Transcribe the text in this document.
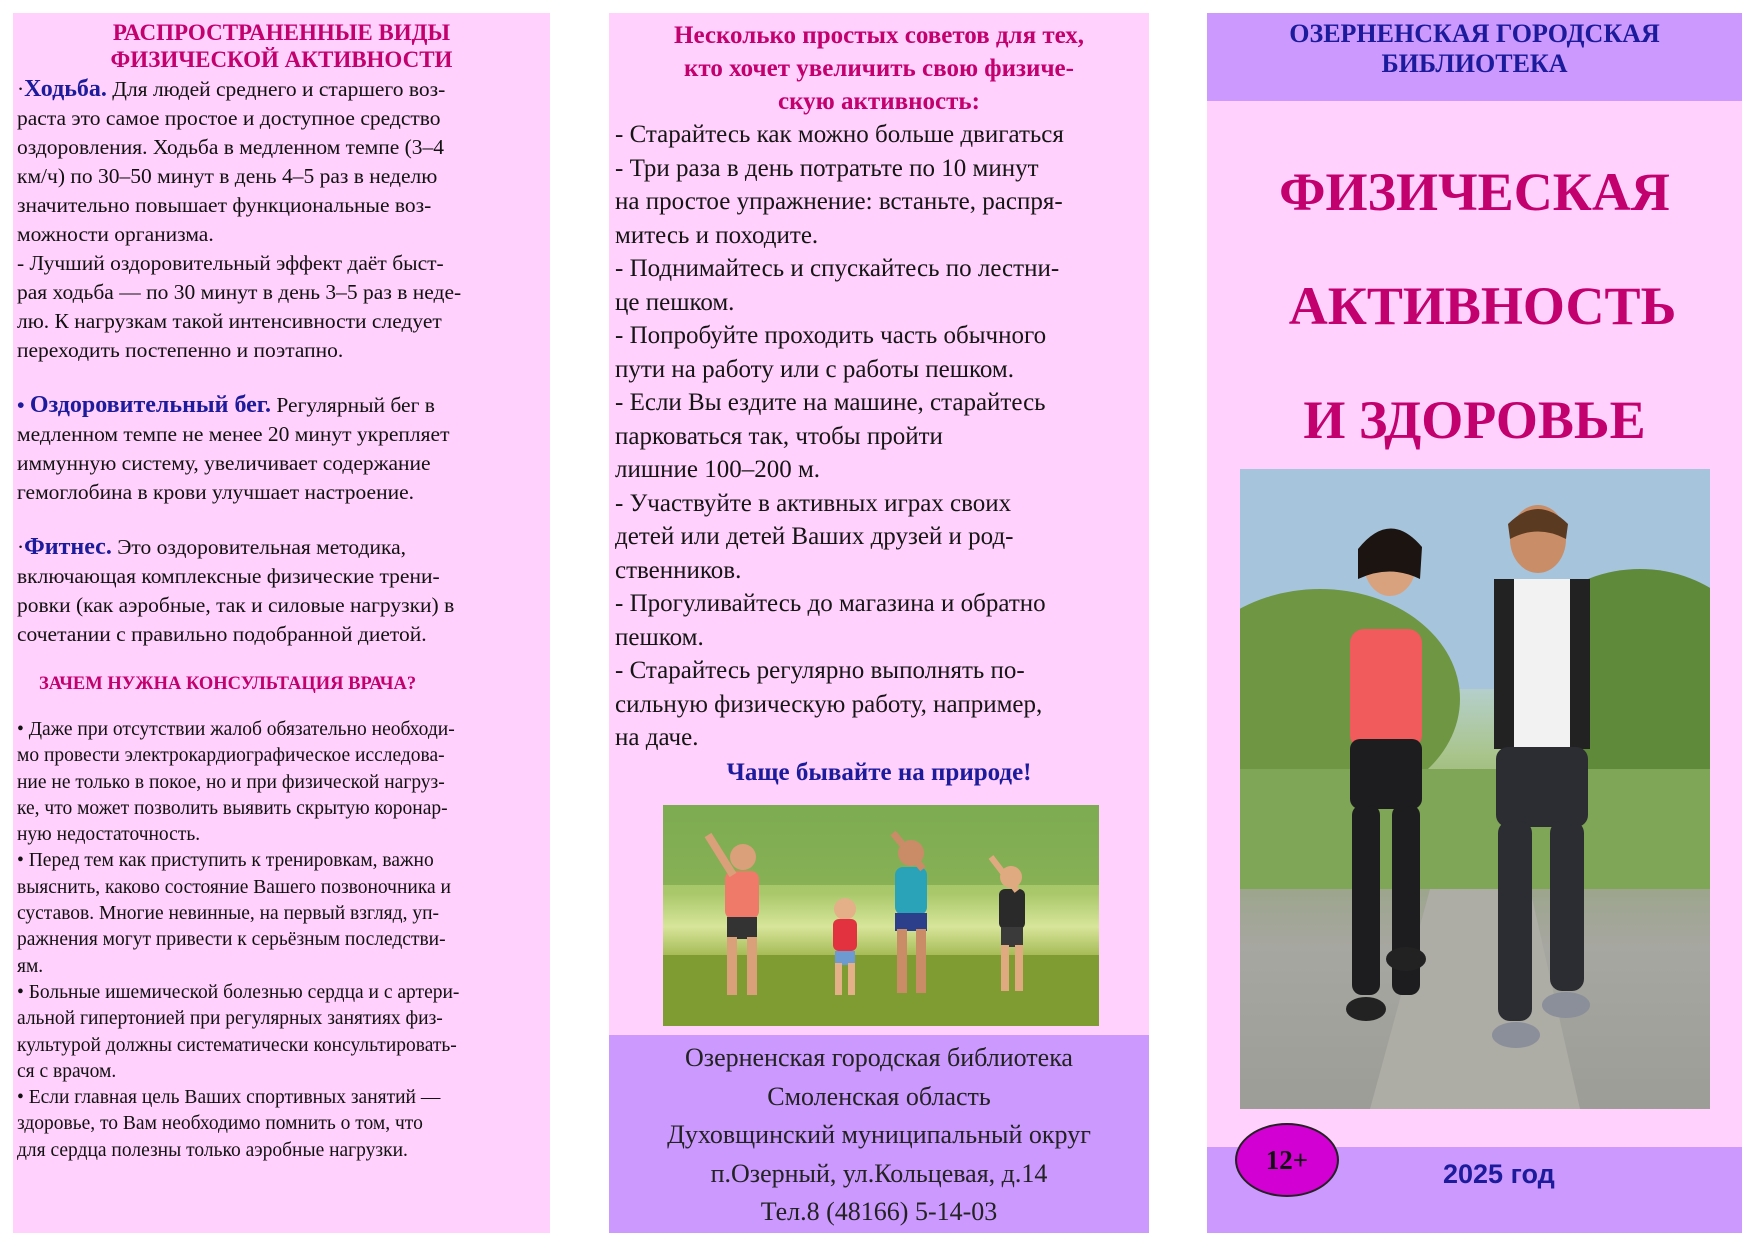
РАСПРОСТРАНЕННЫЕ ВИДЫ
ФИЗИЧЕСКОЙ АКТИВНОСТИ
·Ходьба. Для людей среднего и старшего воз-
раста это самое простое и доступное средство
оздоровления. Ходьба в медленном темпе (3–4
км/ч) по 30–50 минут в день 4–5 раз в неделю
значительно повышает функциональные воз-
можности организма.
- Лучший оздоровительный эффект даёт быст-
рая ходьба — по 30 минут в день 3–5 раз в неде-
лю. К нагрузкам такой интенсивности следует
переходить постепенно и поэтапно.
• Оздоровительный бег. Регулярный бег в
медленном темпе не менее 20 минут укрепляет
иммунную систему, увеличивает содержание
гемоглобина в крови улучшает настроение.
·Фитнес. Это оздоровительная методика,
включающая комплексные физические трени-
ровки (как аэробные, так и силовые нагрузки) в
сочетании с правильно подобранной диетой.
ЗАЧЕМ НУЖНА КОНСУЛЬТАЦИЯ ВРАЧА?
• Даже при отсутствии жалоб обязательно необходи-
мо провести электрокардиографическое исследова-
ние не только в покое, но и при физической нагруз-
ке, что может позволить выявить скрытую коронар-
ную недостаточность.
• Перед тем как приступить к тренировкам, важно
выяснить, каково состояние Вашего позвоночника и
суставов. Многие невинные, на первый взгляд, уп-
ражнения могут привести к серьёзным последстви-
ям.
• Больные ишемической болезнью сердца и с артери-
альной гипертонией при регулярных занятиях физ-
культурой должны систематически консультировать-
ся с врачом.
• Если главная цель Ваших спортивных занятий —
здоровье, то Вам необходимо помнить о том, что
для сердца полезны только аэробные нагрузки.
Несколько простых советов для тех,
кто хочет увеличить свою физиче-
скую активность:
- Старайтесь как можно больше двигаться
- Три раза в день потратьте по 10 минут
на простое упражнение: встаньте, распря-
митесь и походите.
- Поднимайтесь и спускайтесь по лестни-
це пешком.
- Попробуйте проходить часть обычного
пути на работу или с работы пешком.
- Если Вы ездите на машине, старайтесь
парковаться так, чтобы пройти
лишние 100–200 м.
- Участвуйте в активных играх своих
детей или детей Ваших друзей и род-
ственников.
- Прогуливайтесь до магазина и обратно
пешком.
- Старайтесь регулярно выполнять по-
сильную физическую работу, например,
на даче.
Чаще бывайте на природе!
Озерненская городская библиотека
Смоленская область
Духовщинский муниципальный округ
п.Озерный, ул.Кольцевая, д.14
Тел.8 (48166) 5-14-03
ОЗЕРНЕНСКАЯ ГОРОДСКАЯ
БИБЛИОТЕКА
ФИЗИЧЕСКАЯ
АКТИВНОСТЬ
И ЗДОРОВЬЕ
12+	2025 год
